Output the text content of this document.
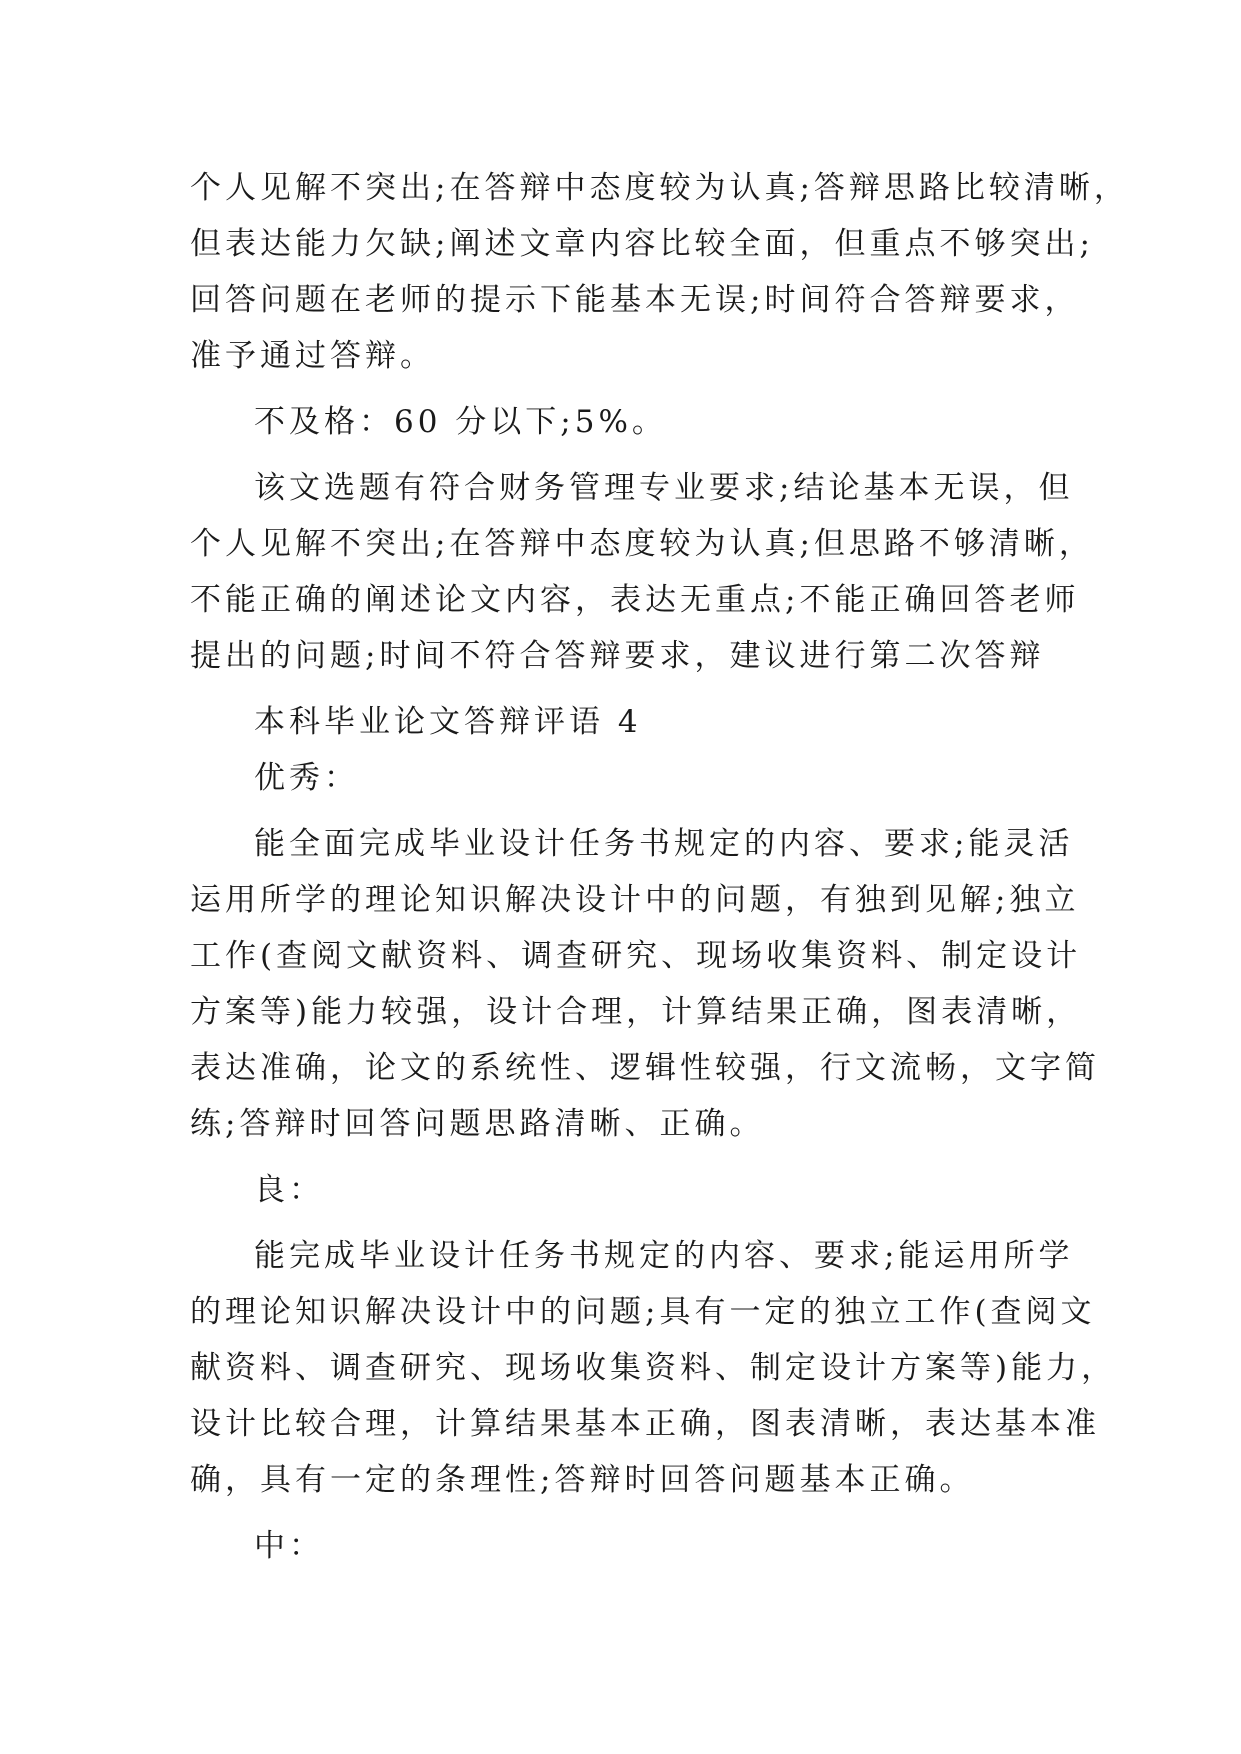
个人见解不突出;在答辩中态度较为认真;答辩思路比较清晰，
但表达能力欠缺;阐述文章内容比较全面，但重点不够突出;
回答问题在老师的提示下能基本无误;时间符合答辩要求，
准予通过答辩。
不及格：60 分以下;5%。
该文选题有符合财务管理专业要求;结论基本无误，但
个人见解不突出;在答辩中态度较为认真;但思路不够清晰，
不能正确的阐述论文内容，表达无重点;不能正确回答老师
提出的问题;时间不符合答辩要求，建议进行第二次答辩
本科毕业论文答辩评语 4
优秀：
能全面完成毕业设计任务书规定的内容、要求;能灵活
运用所学的理论知识解决设计中的问题，有独到见解;独立
工作(查阅文献资料、调查研究、现场收集资料、制定设计
方案等)能力较强，设计合理，计算结果正确，图表清晰，
表达准确，论文的系统性、逻辑性较强，行文流畅，文字简
练;答辩时回答问题思路清晰、正确。
良：
能完成毕业设计任务书规定的内容、要求;能运用所学
的理论知识解决设计中的问题;具有一定的独立工作(查阅文
献资料、调查研究、现场收集资料、制定设计方案等)能力，
设计比较合理，计算结果基本正确，图表清晰，表达基本准
确，具有一定的条理性;答辩时回答问题基本正确。
中：
